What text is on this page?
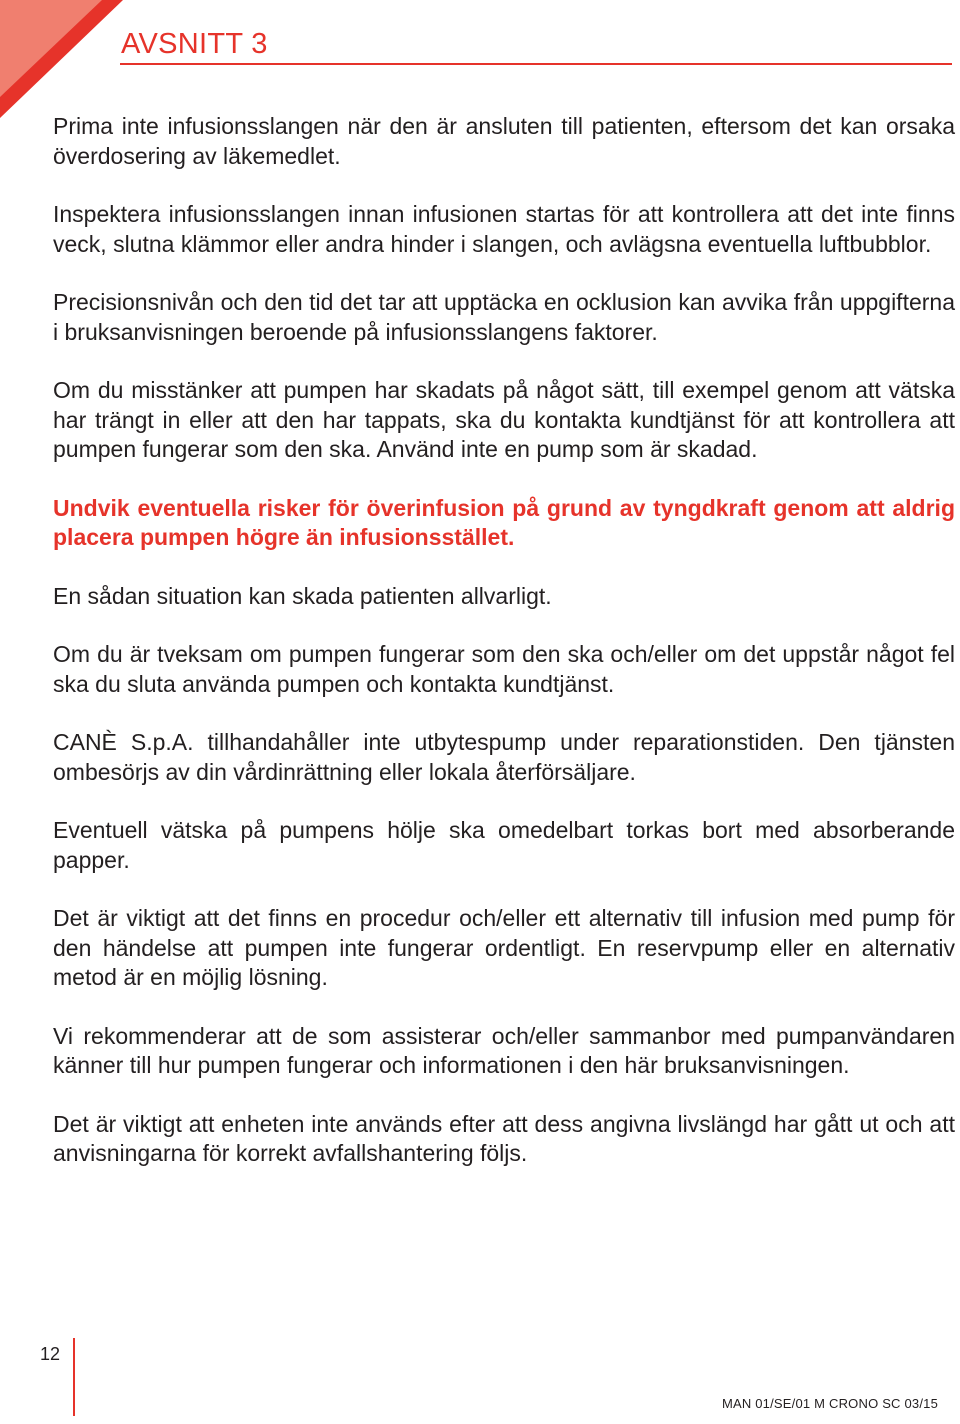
AVSNITT 3

Prima inte infusionsslangen när den är ansluten till patienten, eftersom det kan orsaka överdosering av läkemedlet.

Inspektera infusionsslangen innan infusionen startas för att kontrollera att det inte finns veck, slutna klämmor eller andra hinder i slangen, och avlägsna eventuella luftbubblor.

Precisionsnivån och den tid det tar att upptäcka en ocklusion kan avvika från uppgifterna i bruksanvisningen beroende på infusionsslangens faktorer.

Om du misstänker att pumpen har skadats på något sätt, till exempel genom att vätska har trängt in eller att den har tappats, ska du kontakta kundtjänst för att kontrollera att pumpen fungerar som den ska. Använd inte en pump som är skadad.

Undvik eventuella risker för överinfusion på grund av tyngdkraft genom att aldrig placera pumpen högre än infusionsstället.

En sådan situation kan skada patienten allvarligt.

Om du är tveksam om pumpen fungerar som den ska och/eller om det uppstår något fel ska du sluta använda pumpen och kontakta kundtjänst.

CANÈ S.p.A. tillhandahåller inte utbytespump under reparationstiden. Den tjänsten ombesörjs av din vårdinrättning eller lokala återförsäljare.

Eventuell vätska på pumpens hölje ska omedelbart torkas bort med absorberande papper.

Det är viktigt att det finns en procedur och/eller ett alternativ till infusion med pump för den händelse att pumpen inte fungerar ordentligt. En reservpump eller en alternativ metod är en möjlig lösning.

Vi rekommenderar att de som assisterar och/eller sammanbor med pumpanvändaren känner till hur pumpen fungerar och informationen i den här bruksanvisningen.

Det är viktigt att enheten inte används efter att dess angivna livslängd har gått ut och att anvisningarna för korrekt avfallshantering följs.

12
MAN 01/SE/01 M CRONO SC 03/15
